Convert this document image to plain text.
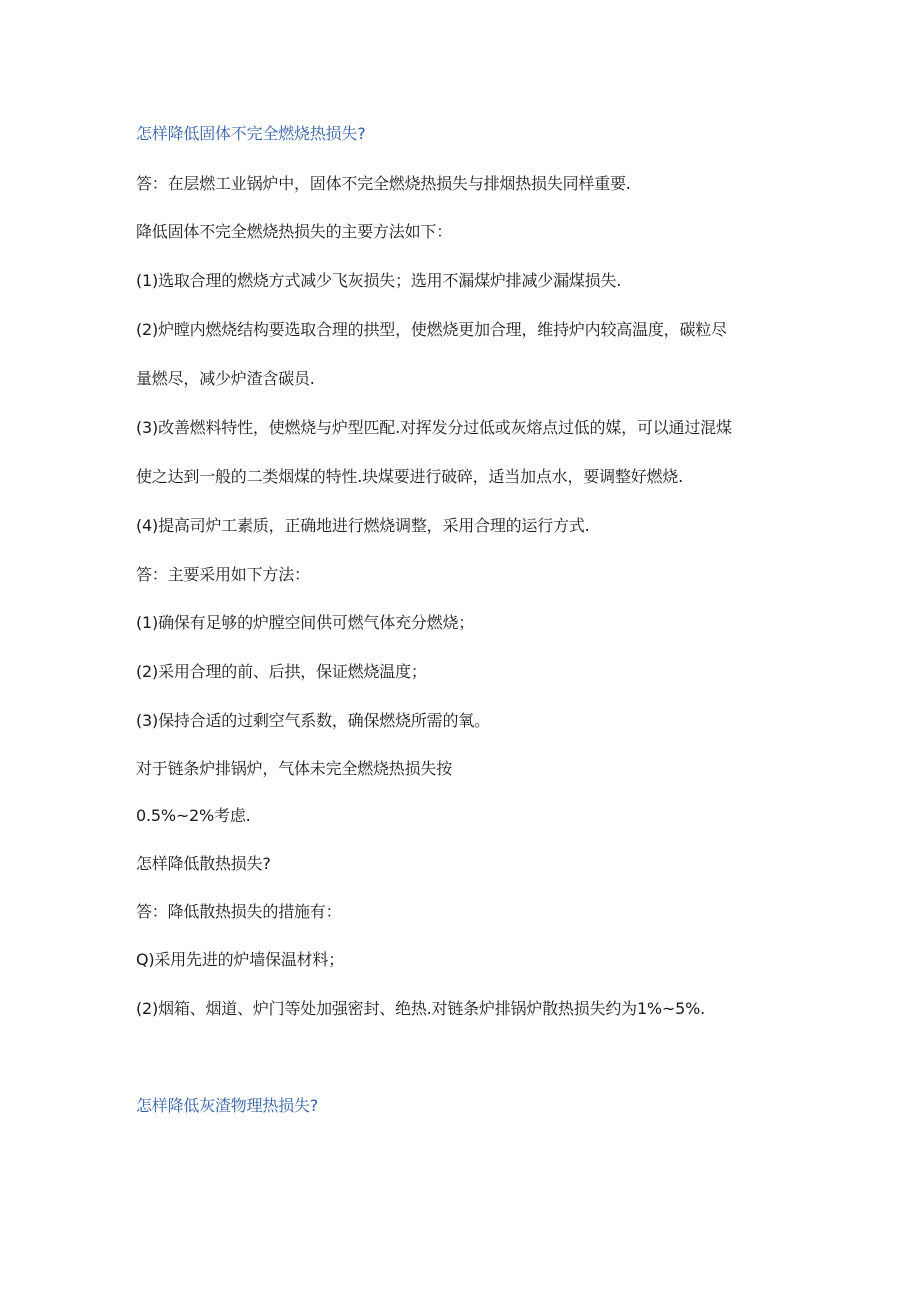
怎样降低固体不完全燃烧热损失?

答：在层燃工业锅炉中，固体不完全燃烧热损失与排烟热损失同样重要.

降低固体不完全燃烧热损失的主要方法如下：

(1)选取合理的燃烧方式减少飞灰损失；选用不漏煤炉排减少漏煤损失.

(2)炉瞠内燃烧结构要选取合理的拱型，使燃烧更加合理，维持炉内较高温度，碳粒尽

量燃尽，减少炉渣含碳员.

(3)改善燃料特性，使燃烧与炉型匹配.对挥发分过低或灰熔点过低的媒，可以通过混煤

使之达到一般的二类烟煤的特性.块煤要进行破碎，适当加点水，要调整好燃烧.

(4)提高司炉工素质，正确地进行燃烧调整，采用合理的运行方式.

答：主要采用如下方法：

(1)确保有足够的炉膛空间供可燃气体充分燃烧；

(2)采用合理的前、后拱，保证燃烧温度；

(3)保持合适的过剩空气系数，确保燃烧所需的氧。

对于链条炉排锅炉，气体未完全燃烧热损失按

0.5%~2%考虑.

怎样降低散热损失?

答：降低散热损失的措施有：

Q)采用先进的炉墙保温材料；

(2)烟箱、烟道、炉门等处加强密封、绝热.对链条炉排锅炉散热损失约为1%~5%.

怎样降低灰渣物理热损失?
